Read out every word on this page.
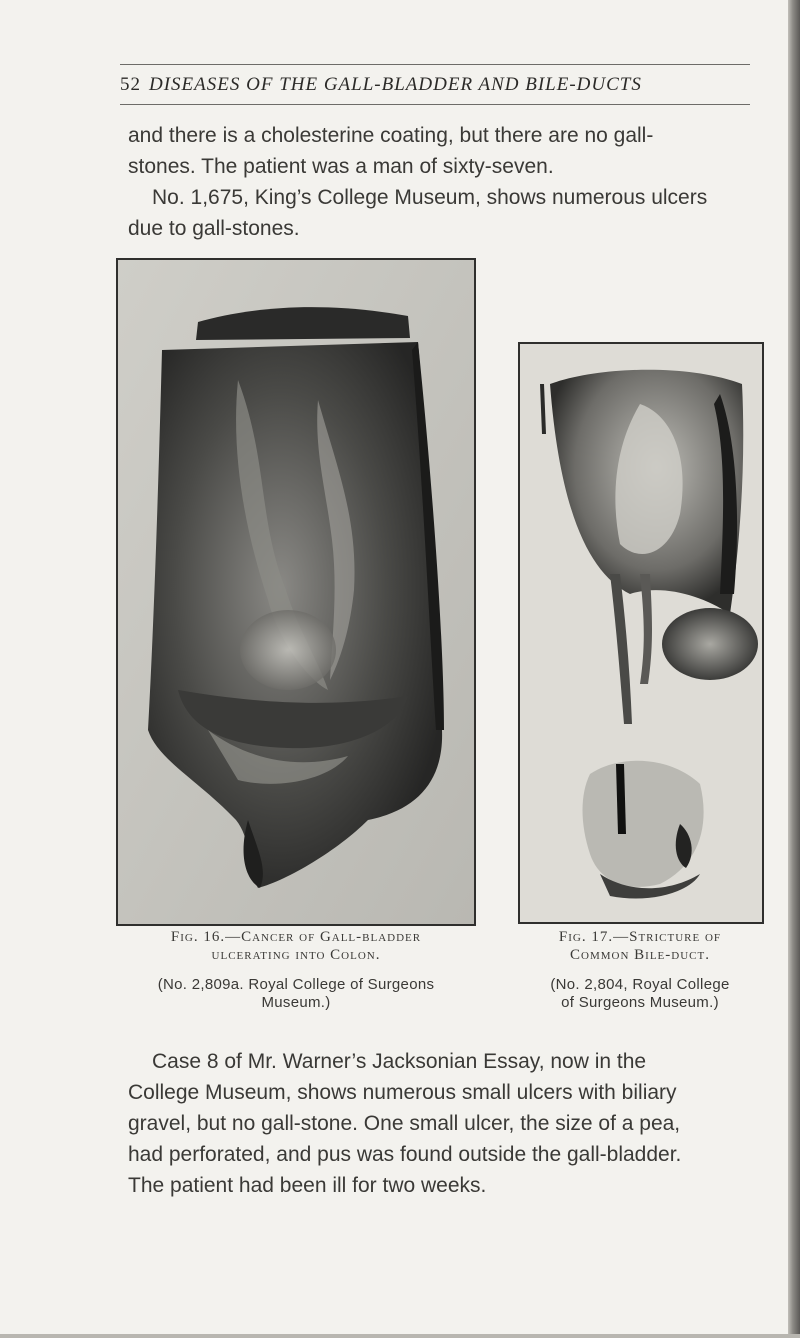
52 DISEASES OF THE GALL-BLADDER AND BILE-DUCTS

and there is a cholesterine coating, but there are no gall-

stones. The patient was a man of sixty-seven.

No. 1,675, King’s College Museum, shows numerous ulcers

due to gall-stones.

Fig. 16.—Cancer of Gall-bladder
ulcerating into Colon.
(No. 2,809a. Royal College of Surgeons
Museum.)
Fig. 17.—Stricture of
Common Bile-duct.
(No. 2,804, Royal College
of Surgeons Museum.)

Case 8 of Mr. Warner’s Jacksonian Essay, now in the

College Museum, shows numerous small ulcers with biliary

gravel, but no gall-stone. One small ulcer, the size of a pea,

had perforated, and pus was found outside the gall-bladder.

The patient had been ill for two weeks.
